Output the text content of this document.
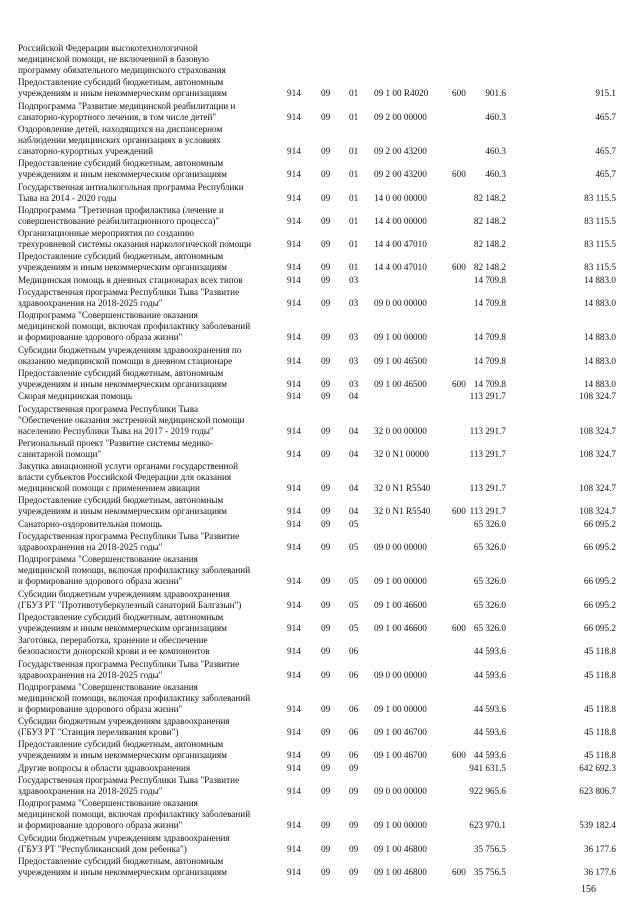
Российской Федерации высокотехнологичной
медицинской помощи, не включенной в базовую
программу обязательного медицинского страхования
Предоставление субсидий бюджетным, автономным
учреждениям и иным некоммерческим организациям	914 09 01 09 1 00 R4020	600 901.6	915.1
Подпрограмма "Развитие медицинской реабилитации и
санаторно-курортного лечения, в том числе детей"	914 09 01 09 2 00 00000	460.3	465.7
Оздоровление детей, находящихся на диспансерном
наблюдении медицинских организациях в условиях
санаторно-курортных учреждений	914 09 01 09 2 00 43200	460.3	465.7
Предоставление субсидий бюджетным, автономным
учреждениям и иным некоммерческим организациям	914 09 01 09 2 00 43200	600 460.3	465.7
Государственная антиалкогольная программа Республики
Тыва на 2014 - 2020 годы	914 09 01 14 0 00 00000	82 148.2	83 115.5
Подпрограмма "Третичная профилактика (лечение и
совершенствование реабилитационного процесса)"	914 09 01 14 4 00 00000	82 148.2	83 115.5
Организационные мероприятия по созданию
трехуровневой системы оказания наркологической помощи	914 09 01 14 4 00 47010	82 148.2	83 115.5
Предоставление субсидий бюджетным, автономным
учреждениям и иным некоммерческим организациям	914 09 01 14 4 00 47010	600 82 148.2	83 115.5
Медицинская помощь в дневных стационарах всех типов	914 09 03	14 709.8	14 883.0
Государственная программа Республики Тыва "Развитие
здравоохранения на 2018-2025 годы"	914 09 03 09 0 00 00000	14 709.8	14 883.0
Подпрограмма "Совершенствование оказания
медицинской помощи, включая профилактику заболеваний
и формирование здорового образа жизни"	914 09 03 09 1 00 00000	14 709.8	14 883.0
Субсидии бюджетным учреждениям здравоохранения по
оказанию медицинской помощи в дневном стационаре	914 09 03 09 1 00 46500	14 709.8	14 883.0
Предоставление субсидий бюджетным, автономным
учреждениям и иным некоммерческим организациям	914 09 03 09 1 00 46500	600 14 709.8	14 883.0
Скорая медицинская помощь	914 09 04	113 291.7	108 324.7
Государственная программа Республики Тыва
"Обеспечение оказания экстренной медицинской помощи
населению Республики Тыва на 2017 - 2019 годы"	914 09 04 32 0 00 00000	113 291.7	108 324.7
Региональный проект "Развитие системы медико-
санитарной помощи"	914 09 04 32 0 N1 00000	113 291.7	108 324.7
Закупка авиационной услуги органами государственной
власти субъектов Российской Федерации для оказания
медицинской помощи с применением авиации	914 09 04 32 0 N1 R5540	113 291.7	108 324.7
Предоставление субсидий бюджетным, автономным
учреждениям и иным некоммерческим организациям	914 09 04 32 0 N1 R5540 600 113 291.7	108 324.7
Санаторно-оздоровительная помощь	914 09 05	65 326.0	66 095.2
Государственная программа Республики Тыва "Развитие
здравоохранения на 2018-2025 годы"	914 09 05 09 0 00 00000	65 326.0	66 095.2
Подпрограмма "Совершенствование оказания
медицинской помощи, включая профилактику заболеваний
и формирование здорового образа жизни"	914 09 05 09 1 00 00000	65 326.0	66 095.2
Субсидии бюджетным учреждениям здравоохранения
(ГБУЗ РТ "Противотуберкулезный санаторий Балгазын")	914 09 05 09 1 00 46600	65 326.0	66 095.2
Предоставление субсидий бюджетным, автономным
учреждениям и иным некоммерческим организациям	914 09 05 09 1 00 46600	600 65 326.0	66 095.2
Заготовка, переработка, хранение и обеспечение
безопасности донорской крови и ее компонентов	914 09 06	44 593.6	45 118.8
Государственная программа Республики Тыва "Развитие
здравоохранения на 2018-2025 годы"	914 09 06 09 0 00 00000	44 593.6	45 118.8
Подпрограмма "Совершенствование оказания
медицинской помощи, включая профилактику заболеваний
и формирование здорового образа жизни"	914 09 06 09 1 00 00000	44 593.6	45 118.8
Субсидии бюджетным учреждениям здравоохранения
(ГБУЗ РТ "Станция переливания крови")	914 09 06 09 1 00 46700	44 593.6	45 118.8
Предоставление субсидий бюджетным, автономным
учреждениям и иным некоммерческим организациям	914 09 06 09 1 00 46700	600 44 593.6	45 118.8
Другие вопросы в области здравоохранения	914 09 09	941 631.5	642 692.3
Государственная программа Республики Тыва "Развитие
здравоохранения на 2018-2025 годы"	914 09 09 09 0 00 00000	922 965.6	623 806.7
Подпрограмма "Совершенствование оказания
медицинской помощи, включая профилактику заболеваний
и формирование здорового образа жизни"	914 09 09 09 1 00 00000	623 970.1	539 182.4
Субсидии бюджетным учреждениям здравоохранения
(ГБУЗ РТ "Республиканский дом ребенка")	914 09 09 09 1 00 46800	35 756.5	36 177.6
Предоставление субсидий бюджетным, автономным
учреждениям и иным некоммерческим организациям	914 09 09 09 1 00 46800	600 35 756.5	36 177.6
156
